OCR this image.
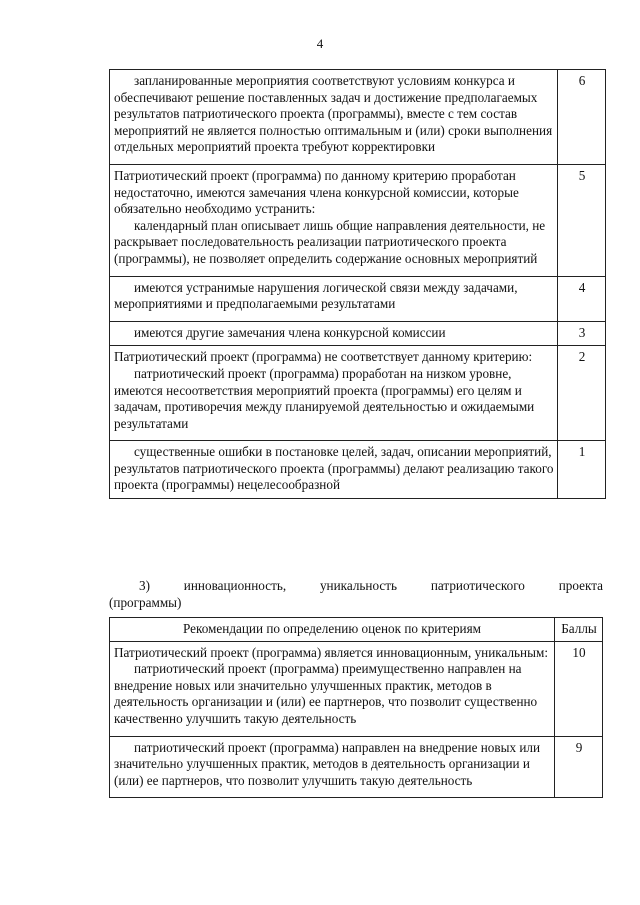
4
запланированные мероприятия соответствуют условиям конкурса и обеспечивают решение поставленных задач и достижение предполагаемых результатов патриотического проекта (программы), вместе с тем состав мероприятий не является полностью оптимальным и (или) сроки выполнения отдельных мероприятий проекта требуют корректировки	6

Патриотический проект (программа) по данному критерию проработан недостаточно, имеются замечания члена конкурсной комиссии, которые обязательно необходимо устранить:
календарный план описывает лишь общие направления деятельности, не раскрывает последовательность реализации патриотического проекта (программы), не позволяет определить содержание основных мероприятий	5

имеются устранимые нарушения логической связи между задачами, мероприятиями и предполагаемыми результатами	4

имеются другие замечания члена конкурсной комиссии	3

Патриотический проект (программа) не соответствует данному критерию:
патриотический проект (программа) проработан на низком уровне, имеются несоответствия мероприятий проекта (программы) его целям и задачам, противоречия между планируемой деятельностью и ожидаемыми результатами	2

существенные ошибки в постановке целей, задач, описании мероприятий, результатов патриотического проекта (программы) делают реализацию такого проекта (программы) нецелесообразной	1
3)	инновационность,	уникальность	патриотического	проекта
(программы)
Рекомендации по определению оценок по критериям	Баллы

Патриотический проект (программа) является инновационным, уникальным:
патриотический проект (программа) преимущественно направлен на внедрение новых или значительно улучшенных практик, методов в деятельность организации и (или) ее партнеров, что позволит существенно качественно улучшить такую деятельность	10

патриотический проект (программа) направлен на внедрение новых или значительно улучшенных практик, методов в деятельность организации и (или) ее партнеров, что позволит улучшить такую деятельность	9
